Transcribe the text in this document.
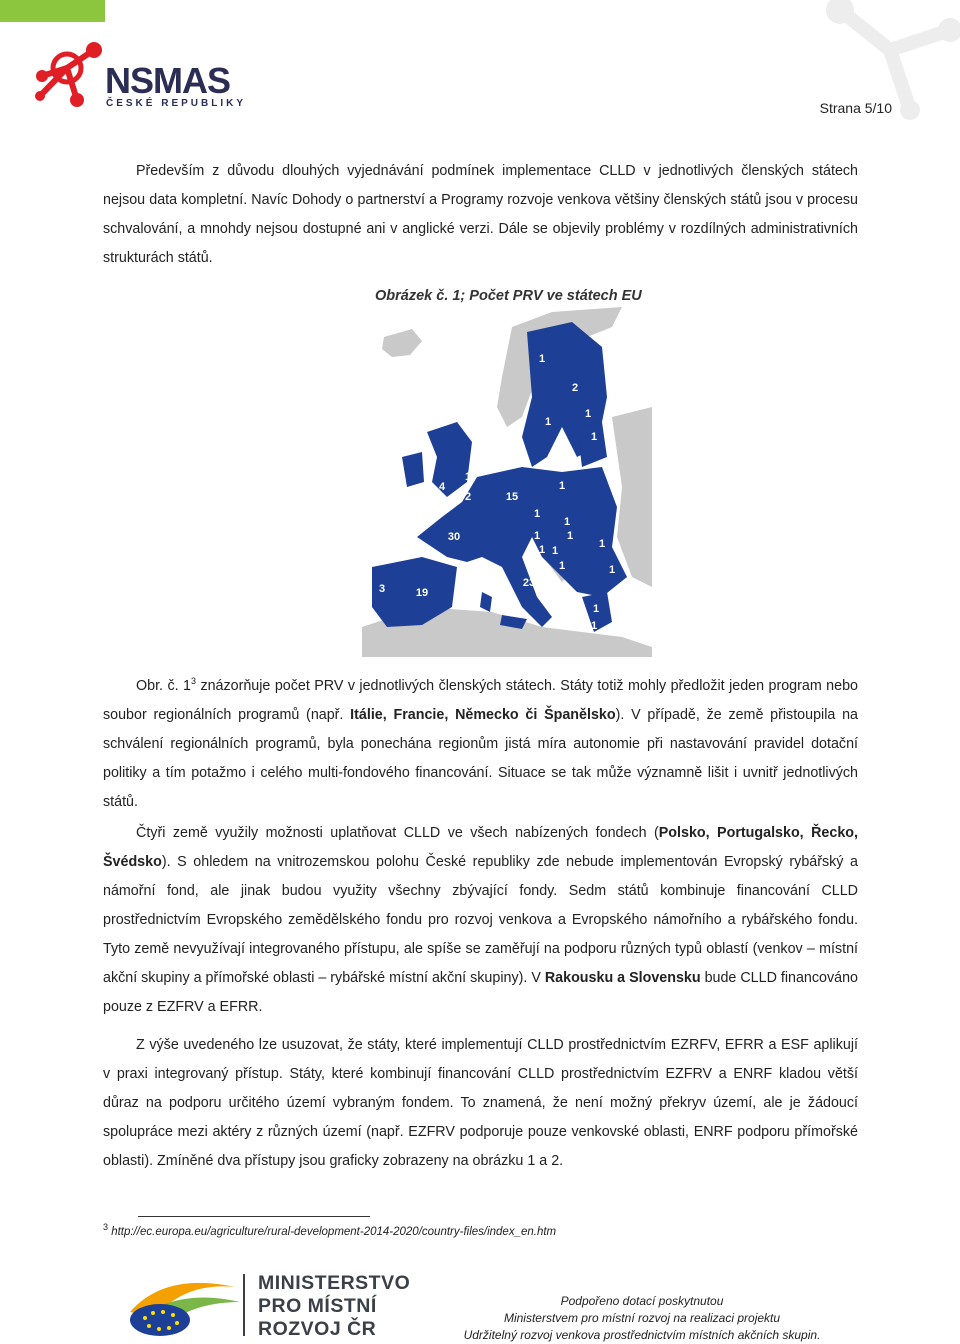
NSMAS
ČESKÉ REPUBLIKY	Strana 5/10
Především z důvodu dlouhých vyjednávání podmínek implementace CLLD v jednotlivých členských státech nejsou data kompletní. Navíc Dohody o partnerství a Programy rozvoje venkova většiny členských států jsou v procesu schvalování, a mnohdy nejsou dostupné ani v anglické verzi. Dále se objevily problémy v rozdílných administrativních strukturách států.
Obrázek č. 1; Počet PRV ve státech EU
1
2
1
1
1
1
4
1
2	15
1
1
1
1
30	1
1 1
1
1	1
23
1
1
3	19
1
Obr. č. $1^3$ znázorňuje počet PRV v jednotlivých členských státech. Státy totiž mohly předložit jeden program nebo soubor regionálních programů (např. Itálie, Francie, Německo či Španělsko). V případě, že země přistoupila na schválení regionálních programů, byla ponechána regionům jistá míra autonomie při nastavování pravidel dotační politiky a tím potažmo i celého multi-fondového financování. Situace se tak může významně lišit i uvnitř jednotlivých států.
Čtyři země využily možnosti uplatňovat CLLD ve všech nabízených fondech (Polsko, Portugalsko, Řecko, Švédsko). S ohledem na vnitrozemskou polohu České republiky zde nebude implementován Evropský rybářský a námořní fond, ale jinak budou využity všechny zbývající fondy. Sedm států kombinuje financování CLLD prostřednictvím Evropského zemědělského fondu pro rozvoj venkova a Evropského námořního a rybářského fondu. Tyto země nevyužívají integrovaného přístupu, ale spíše se zaměřují na podporu různých typů oblastí (venkov – místní akční skupiny a přímořské oblasti – rybářské místní akční skupiny). V Rakousku a Slovensku bude CLLD financováno pouze z EZFRV a EFRR.
Z výše uvedeného lze usuzovat, že státy, které implementují CLLD prostřednictvím EZRFV, EFRR a ESF aplikují v praxi integrovaný přístup. Státy, které kombinují financování CLLD prostřednictvím EZFRV a ENRF kladou větší důraz na podporu určitého území vybraným fondem. To znamená, že není možný překryv území, ale je žádoucí spolupráce mezi aktéry z různých území (např. EZFRV podporuje pouze venkovské oblasti, ENRF podporu přímořské oblasti). Zmíněné dva přístupy jsou graficky zobrazeny na obrázku 1 a 2.
$^3$ http://ec.europa.eu/agriculture/rural-development-2014-2020/country-files/index_en.htm
MINISTERSTVO
PRO MÍSTNÍ
ROZVOJ ČR
Podpořeno dotací poskytnutou
Ministerstvem pro místní rozvoj na realizaci projektu
Udržitelný rozvoj venkova prostřednictvím místních akčních skupin.
